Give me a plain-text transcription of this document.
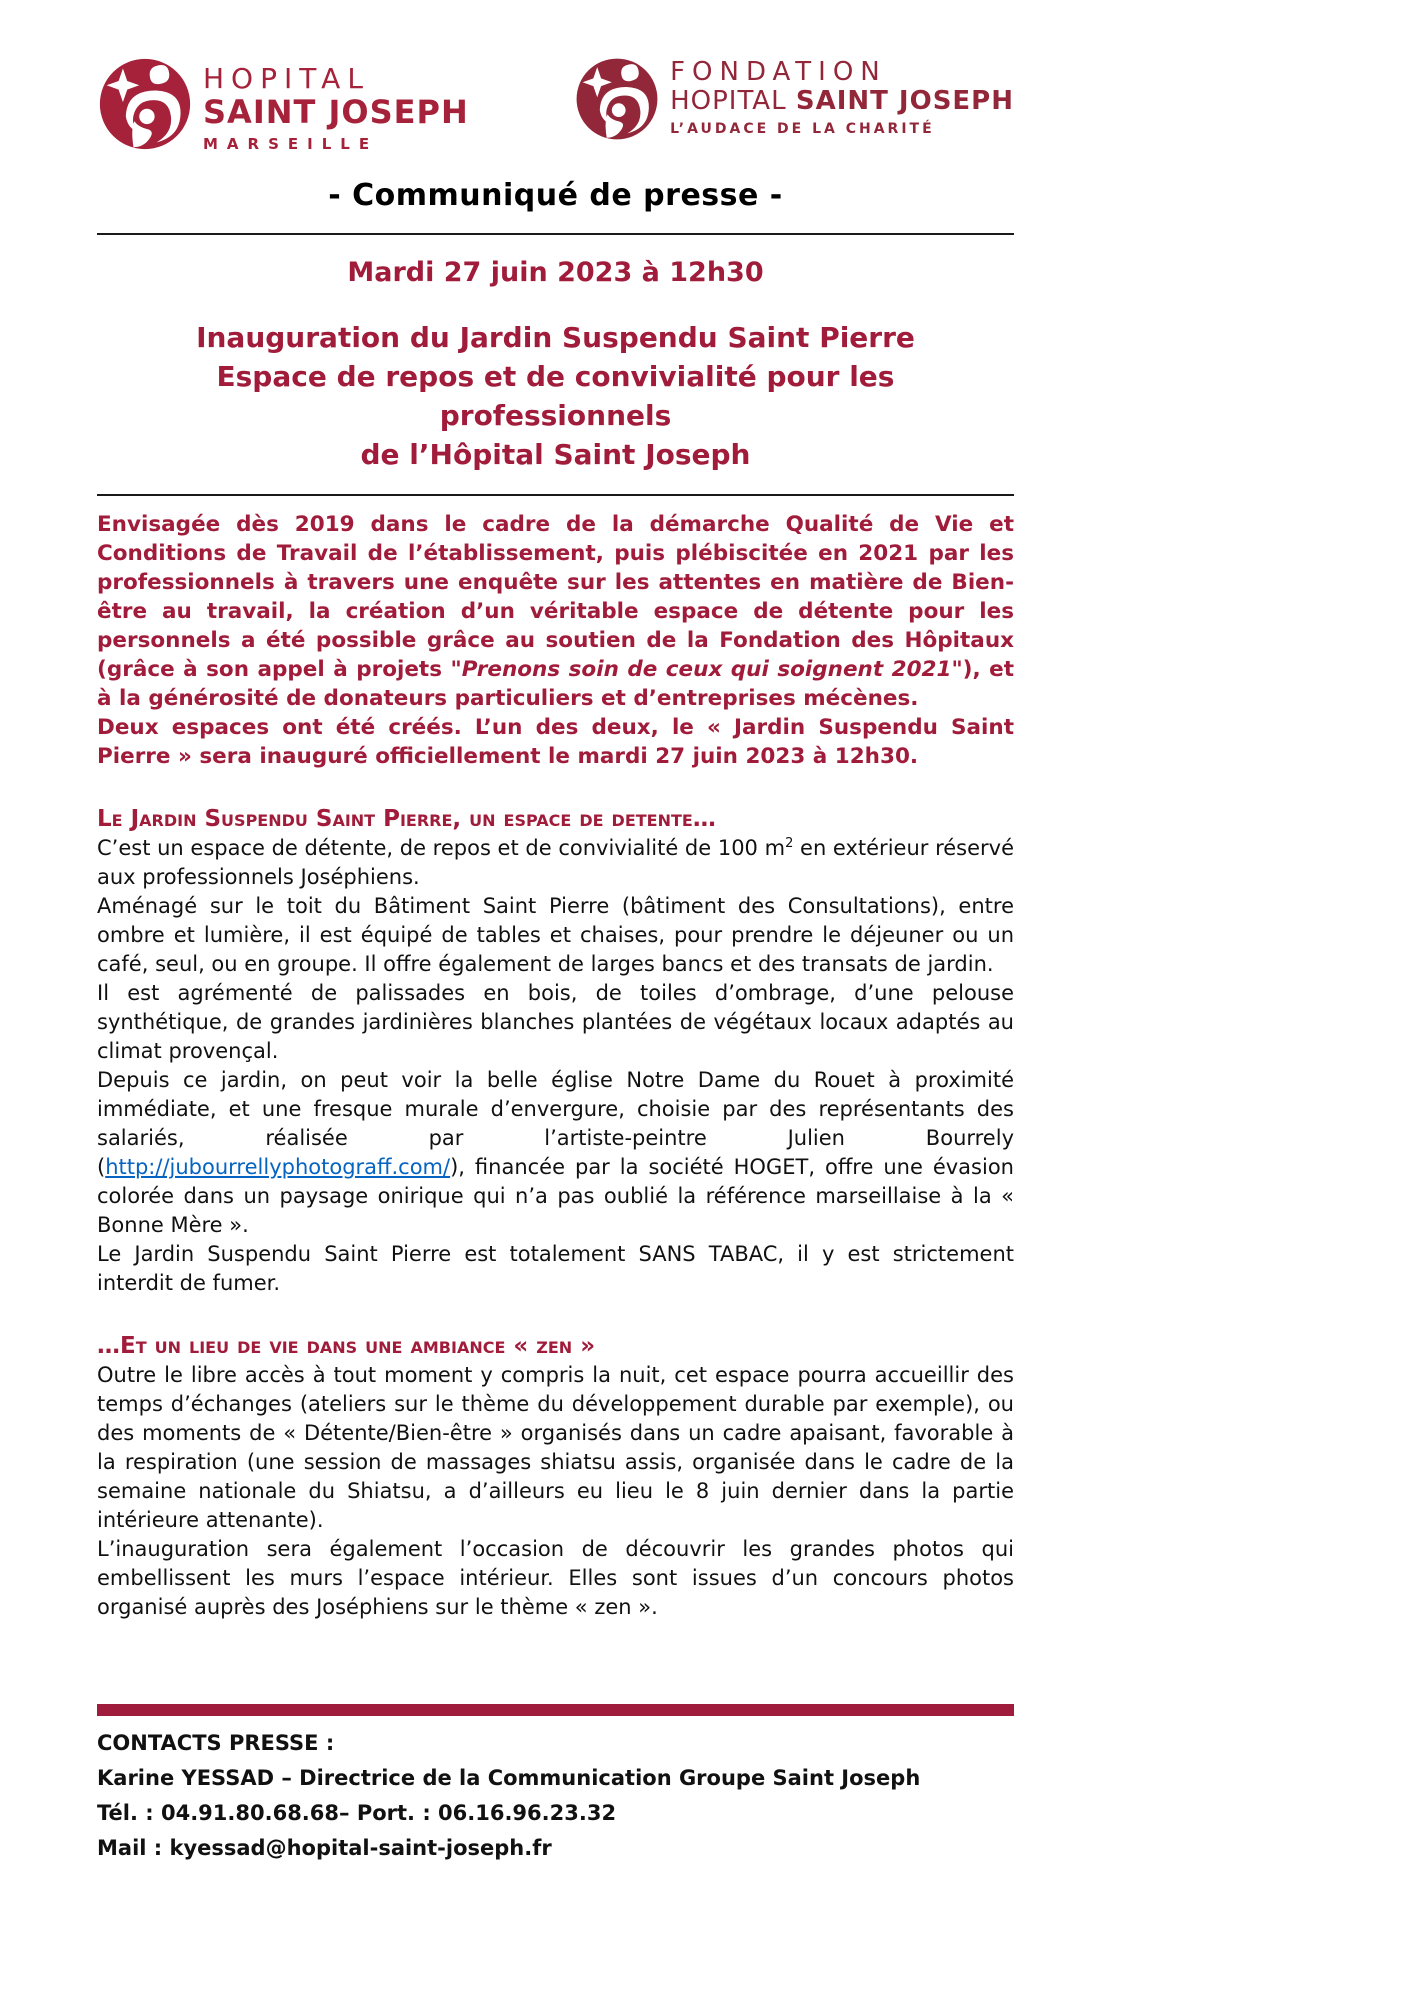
HOPITAL
SAINT JOSEPH
MARSEILLE
FONDATION
HOPITAL SAINT JOSEPH
L’AUDACE DE LA CHARITÉ
- Communiqué de presse -

Mardi 27 juin 2023 à 12h30

Inauguration du Jardin Suspendu Saint Pierre
Espace de repos et de convivialité pour les professionnels
de l’Hôpital Saint Joseph

Envisagée dès 2019 dans le cadre de la démarche Qualité de Vie et Conditions de Travail de l’établissement, puis plébiscitée en 2021 par les professionnels à travers une enquête sur les attentes en matière de Bien-être au travail, la création d’un véritable espace de détente pour les personnels a été possible grâce au soutien de la Fondation des Hôpitaux (grâce à son appel à projets "Prenons soin de ceux qui soignent 2021"), et à la générosité de donateurs particuliers et d’entreprises mécènes.

Deux espaces ont été créés. L’un des deux, le « Jardin Suspendu Saint Pierre » sera inauguré officiellement le mardi 27 juin 2023 à 12h30.

Le Jardin Suspendu Saint Pierre, un espace de detente…

C’est un espace de détente, de repos et de convivialité de 100 $m^2$ en extérieur réservé aux professionnels Joséphiens.

Aménagé sur le toit du Bâtiment Saint Pierre (bâtiment des Consultations), entre ombre et lumière, il est équipé de tables et chaises, pour prendre le déjeuner ou un café, seul, ou en groupe. Il offre également de larges bancs et des transats de jardin.

Il est agrémenté de palissades en bois, de toiles d’ombrage, d’une pelouse synthétique, de grandes jardinières blanches plantées de végétaux locaux adaptés au climat provençal.

Depuis ce jardin, on peut voir la belle église Notre Dame du Rouet à proximité immédiate, et une fresque murale d’envergure, choisie par des représentants des salariés, réalisée par l’artiste-peintre Julien Bourrely (http://jubourrellyphotograff.com/), financée par la société HOGET, offre une évasion colorée dans un paysage onirique qui n’a pas oublié la référence marseillaise à la « Bonne Mère ».

Le Jardin Suspendu Saint Pierre est totalement SANS TABAC, il y est strictement interdit de fumer.

…Et un lieu de vie dans une ambiance « zen »

Outre le libre accès à tout moment y compris la nuit, cet espace pourra accueillir des temps d’échanges (ateliers sur le thème du développement durable par exemple), ou des moments de « Détente/Bien-être » organisés dans un cadre apaisant, favorable à la respiration (une session de massages shiatsu assis, organisée dans le cadre de la semaine nationale du Shiatsu, a d’ailleurs eu lieu le 8 juin dernier dans la partie intérieure attenante).

L’inauguration sera également l’occasion de découvrir les grandes photos qui embellissent les murs l’espace intérieur. Elles sont issues d’un concours photos organisé auprès des Joséphiens sur le thème « zen ».

CONTACTS PRESSE :
Karine YESSAD – Directrice de la Communication Groupe Saint Joseph
Tél. : 04.91.80.68.68– Port. : 06.16.96.23.32
Mail : kyessad@hopital-saint-joseph.fr
